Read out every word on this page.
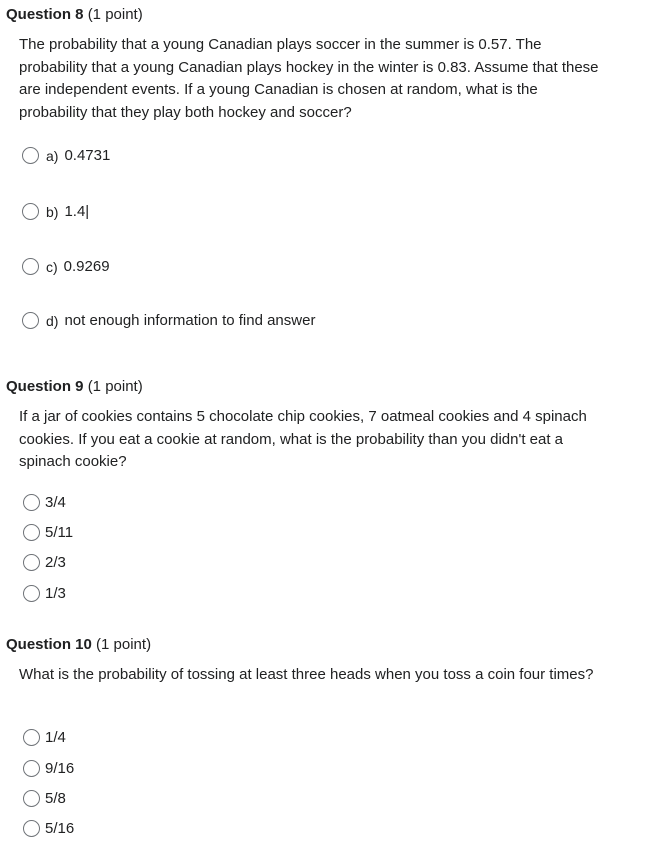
Question 8 (1 point)
The probability that a young Canadian plays soccer in the summer is 0.57. The probability that a young Canadian plays hockey in the winter is 0.83. Assume that these are independent events. If a young Canadian is chosen at random, what is the probability that they play both hockey and soccer?
a) 0.4731
b) 1.4|
c) 0.9269
d) not enough information to find answer
Question 9 (1 point)
If a jar of cookies contains 5 chocolate chip cookies, 7 oatmeal cookies and 4 spinach cookies. If you eat a cookie at random, what is the probability than you didn't eat a spinach cookie?
3/4
5/11
2/3
1/3
Question 10 (1 point)
What is the probability of tossing at least three heads when you toss a coin four times?
1/4
9/16
5/8
5/16
